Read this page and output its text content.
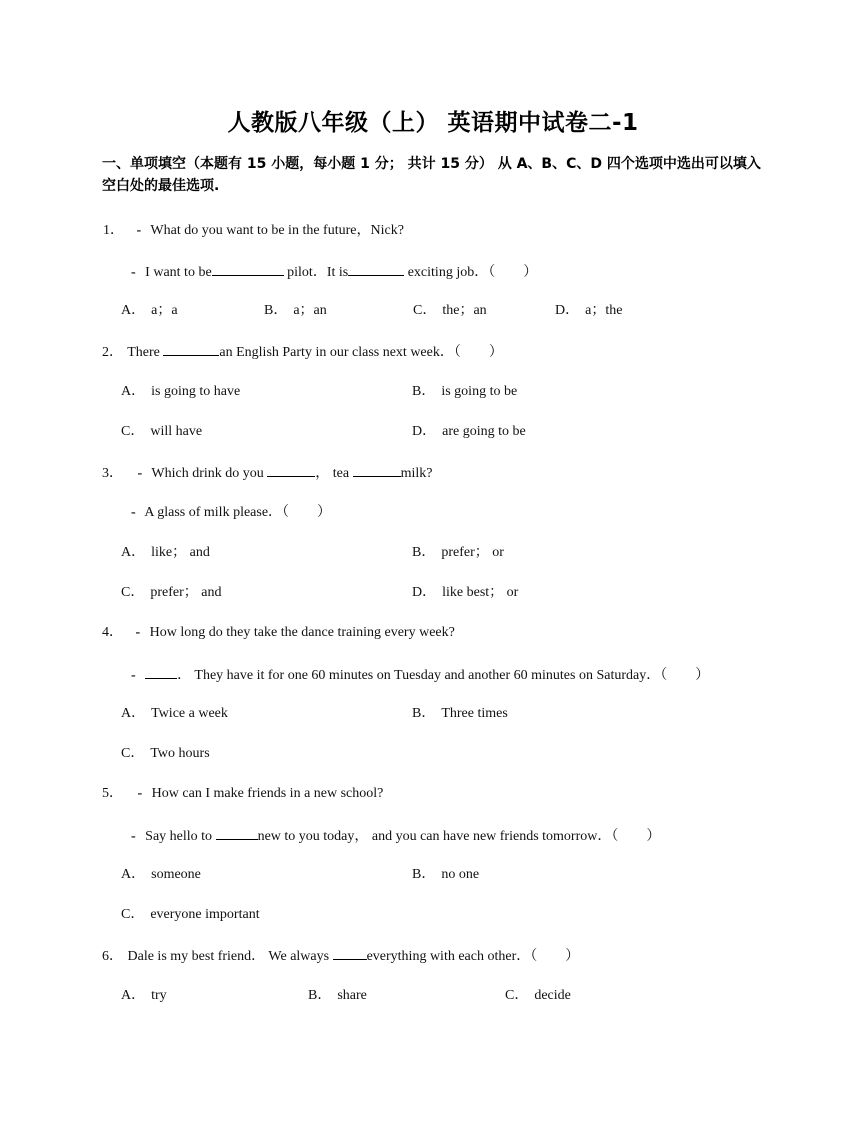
人教版八年级（上） 英语期中试卷二-1
一、单项填空（本题有 15 小题，每小题 1 分； 共计 15 分） 从 A、B、C、D 四个选项中选出可以填入空白处的最佳选项.
1． - What do you want to be in the future，Nick?
- I want to be	pilot．It is	exciting job．（　　）
A． a；a	B． a；an	C． the；an	D． a；the
2． There	an English Party in our class next week．（　　）
A． is going to have	B． is going to be
C． will have	D． are going to be
3． - Which drink do you	， tea	milk?
- A glass of milk please．（　　）
A． like； and	B． prefer； or
C． prefer； and	D． like best； or
4． - How long do they take the dance training every week?
-	． They have it for one 60 minutes on Tuesday and another 60 minutes on Saturday．（　　）
A． Twice a week	B． Three times
C． Two hours
5． - How can I make friends in a new school?
- Say hello to	new to you today， and you can have new friends tomorrow．（　　）
A． someone	B． no one
C． everyone important
6． Dale is my best friend． We always	everything with each other．（　　）
A． try	B． share	C． decide
